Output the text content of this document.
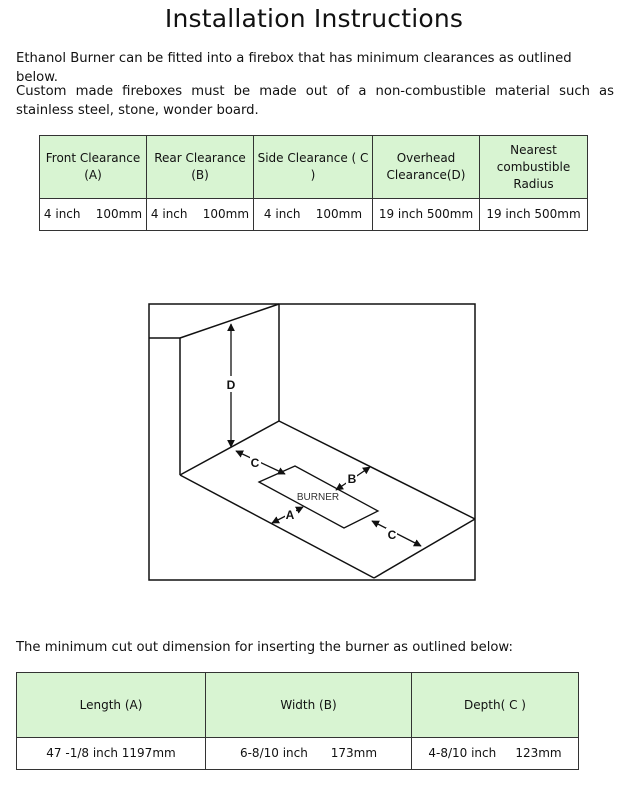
Installation Instructions
Ethanol Burner can be fitted into a firebox that has minimum clearances as outlined below.
Custom made fireboxes must be made out of a non-combustible material such as stainless steel, stone, wonder board.
Front Clearance (A)	Rear Clearance (B)	Side Clearance ( C )	Overhead Clearance(D)	Nearest combustible Radius
4 inch    100mm	4 inch    100mm	4 inch    100mm	19 inch 500mm	19 inch 500mm
D
C
B
A
C
BURNER
The minimum cut out dimension for inserting the burner as outlined below:
Length (A)	Width (B)	Depth( C )
47 -1/8 inch 1197mm	6-8/10 inch      173mm	4-8/10 inch     123mm
